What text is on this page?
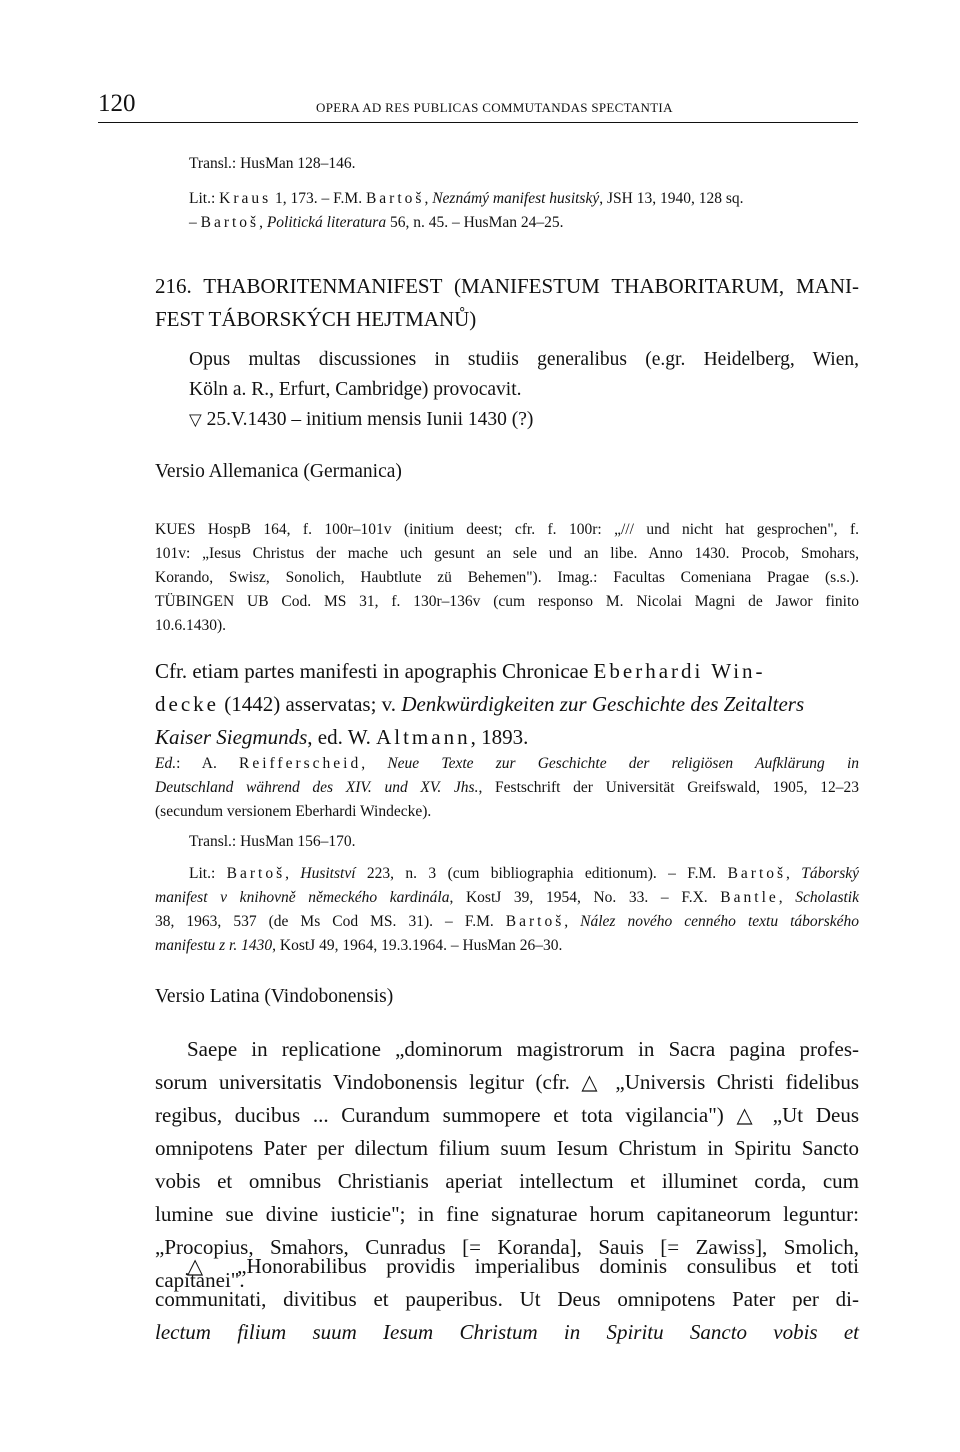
120	OPERA AD RES PUBLICAS COMMUTANDAS SPECTANTIA

Transl.: HusMan 128–146.

Lit.: Kraus 1, 173. – F.M. Bartoš, Neznámý manifest husitský, JSH 13, 1940, 128 sq.
– Bartoš, Politická literatura 56, n. 45. – HusMan 24–25.
216. THABORITENMANIFEST (MANIFESTUM THABORITARUM, MANI-
FEST TÁBORSKÝCH HEJTMANŮ)
Opus multas discussiones in studiis generalibus (e.gr. Heidelberg, Wien,
Köln a. R., Erfurt, Cambridge) provocavit.
▽ 25.V.1430 – initium mensis Iunii 1430 (?)

Versio Allemanica (Germanica)

KUES HospB 164, f. 100r–101v (initium deest; cfr. f. 100r: „/// und nicht hat gesprochen", f.
101v: „Iesus Christus der mache uch gesunt an sele und an libe. Anno 1430. Procob, Smohars,
Korando, Swisz, Sonolich, Haubtlute zü Behemen"). Imag.: Facultas Comeniana Pragae (s.s.).
TÜBINGEN UB Cod. MS 31, f. 130r–136v (cum responso M. Nicolai Magni de Jawor finito
10.6.1430).
Cfr. etiam partes manifesti in apographis Chronicae Eberhardi Win-
decke (1442) asservatas; v. Denkwürdigkeiten zur Geschichte des Zeitalters
Kaiser Siegmunds, ed. W. Altmann, 1893.
Ed.: A. Reifferscheid, Neue Texte zur Geschichte der religiösen Aufklärung in
Deutschland während des XIV. und XV. Jhs., Festschrift der Universität Greifswald, 1905, 12–23
(secundum versionem Eberhardi Windecke).

Transl.: HusMan 156–170.

Lit.: Bartoš, Husitství 223, n. 3 (cum bibliographia editionum). – F.M. Bartoš, Táborský
manifest v knihovně německého kardinála, KostJ 39, 1954, No. 33. – F.X. Bantle, Scholastik
38, 1963, 537 (de Ms Cod MS. 31). – F.M. Bartoš, Nález nového cenného textu táborského
manifestu z r. 1430, KostJ 49, 1964, 19.3.1964. – HusMan 26–30.

Versio Latina (Vindobonensis)

Saepe in replicatione „dominorum magistrorum in Sacra pagina profes-
sorum universitatis Vindobonensis legitur (cfr. △ „Universis Christi fidelibus
regibus, ducibus ... Curandum summopere et tota vigilancia") △ „Ut Deus
omnipotens Pater per dilectum filium suum Iesum Christum in Spiritu Sancto
vobis et omnibus Christianis aperiat intellectum et illuminet corda, cum
lumine sue divine iusticie"; in fine signaturae horum capitaneorum leguntur:
„Procopius, Smahors, Cunradus [= Koranda], Sauis [= Zawiss], Smolich,
capitanei".
△ „Honorabilibus providis imperialibus dominis consulibus et toti
communitati, divitibus et pauperibus. Ut Deus omnipotens Pater per di-
lectum filium suum Iesum Christum in Spiritu Sancto vobis et
